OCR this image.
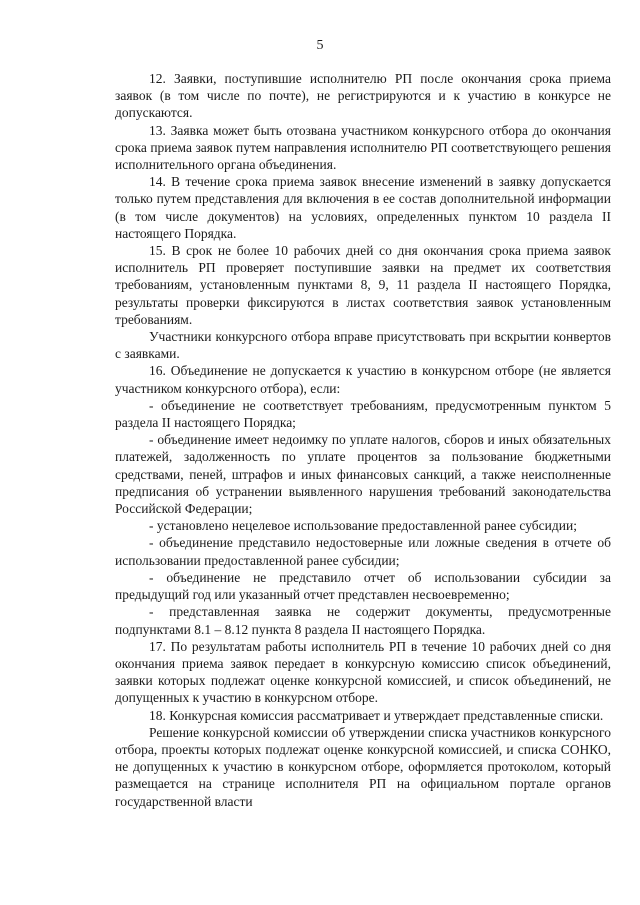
5

12. Заявки, поступившие исполнителю РП после окончания срока приема заявок (в том числе по почте), не регистрируются и к участию в конкурсе не допускаются.

13. Заявка может быть отозвана участником конкурсного отбора до окончания срока приема заявок путем направления исполнителю РП соответствующего решения исполнительного органа объединения.

14. В течение срока приема заявок внесение изменений в заявку допускается только путем представления для включения в ее состав дополнительной информации (в том числе документов) на условиях, определенных пунктом 10 раздела II настоящего Порядка.

15. В срок не более 10 рабочих дней со дня окончания срока приема заявок исполнитель РП проверяет поступившие заявки на предмет их соответствия требованиям, установленным пунктами 8, 9, 11 раздела II настоящего Порядка, результаты проверки фиксируются в листах соответствия заявок установленным требованиям.

Участники конкурсного отбора вправе присутствовать при вскрытии конвертов с заявками.

16. Объединение не допускается к участию в конкурсном отборе (не является участником конкурсного отбора), если:

- объединение не соответствует требованиям, предусмотренным пунктом 5 раздела II настоящего Порядка;

- объединение имеет недоимку по уплате налогов, сборов и иных обязательных платежей, задолженность по уплате процентов за пользование бюджетными средствами, пеней, штрафов и иных финансовых санкций, а также неисполненные предписания об устранении выявленного нарушения требований законодательства Российской Федерации;

- установлено нецелевое использование предоставленной ранее субсидии;

- объединение представило недостоверные или ложные сведения в отчете об использовании предоставленной ранее субсидии;

- объединение не представило отчет об использовании субсидии за предыдущий год или указанный отчет представлен несвоевременно;

- представленная заявка не содержит документы, предусмотренные подпунктами 8.1 – 8.12 пункта 8 раздела II настоящего Порядка.

17. По результатам работы исполнитель РП в течение 10 рабочих дней со дня окончания приема заявок передает в конкурсную комиссию список объединений, заявки которых подлежат оценке конкурсной комиссией, и список объединений, не допущенных к участию в конкурсном отборе.

18. Конкурсная комиссия рассматривает и утверждает представленные списки.

Решение конкурсной комиссии об утверждении списка участников конкурсного отбора, проекты которых подлежат оценке конкурсной комиссией, и списка СОНКО, не допущенных к участию в конкурсном отборе, оформляется протоколом, который размещается на странице исполнителя РП на официальном портале органов государственной власти
